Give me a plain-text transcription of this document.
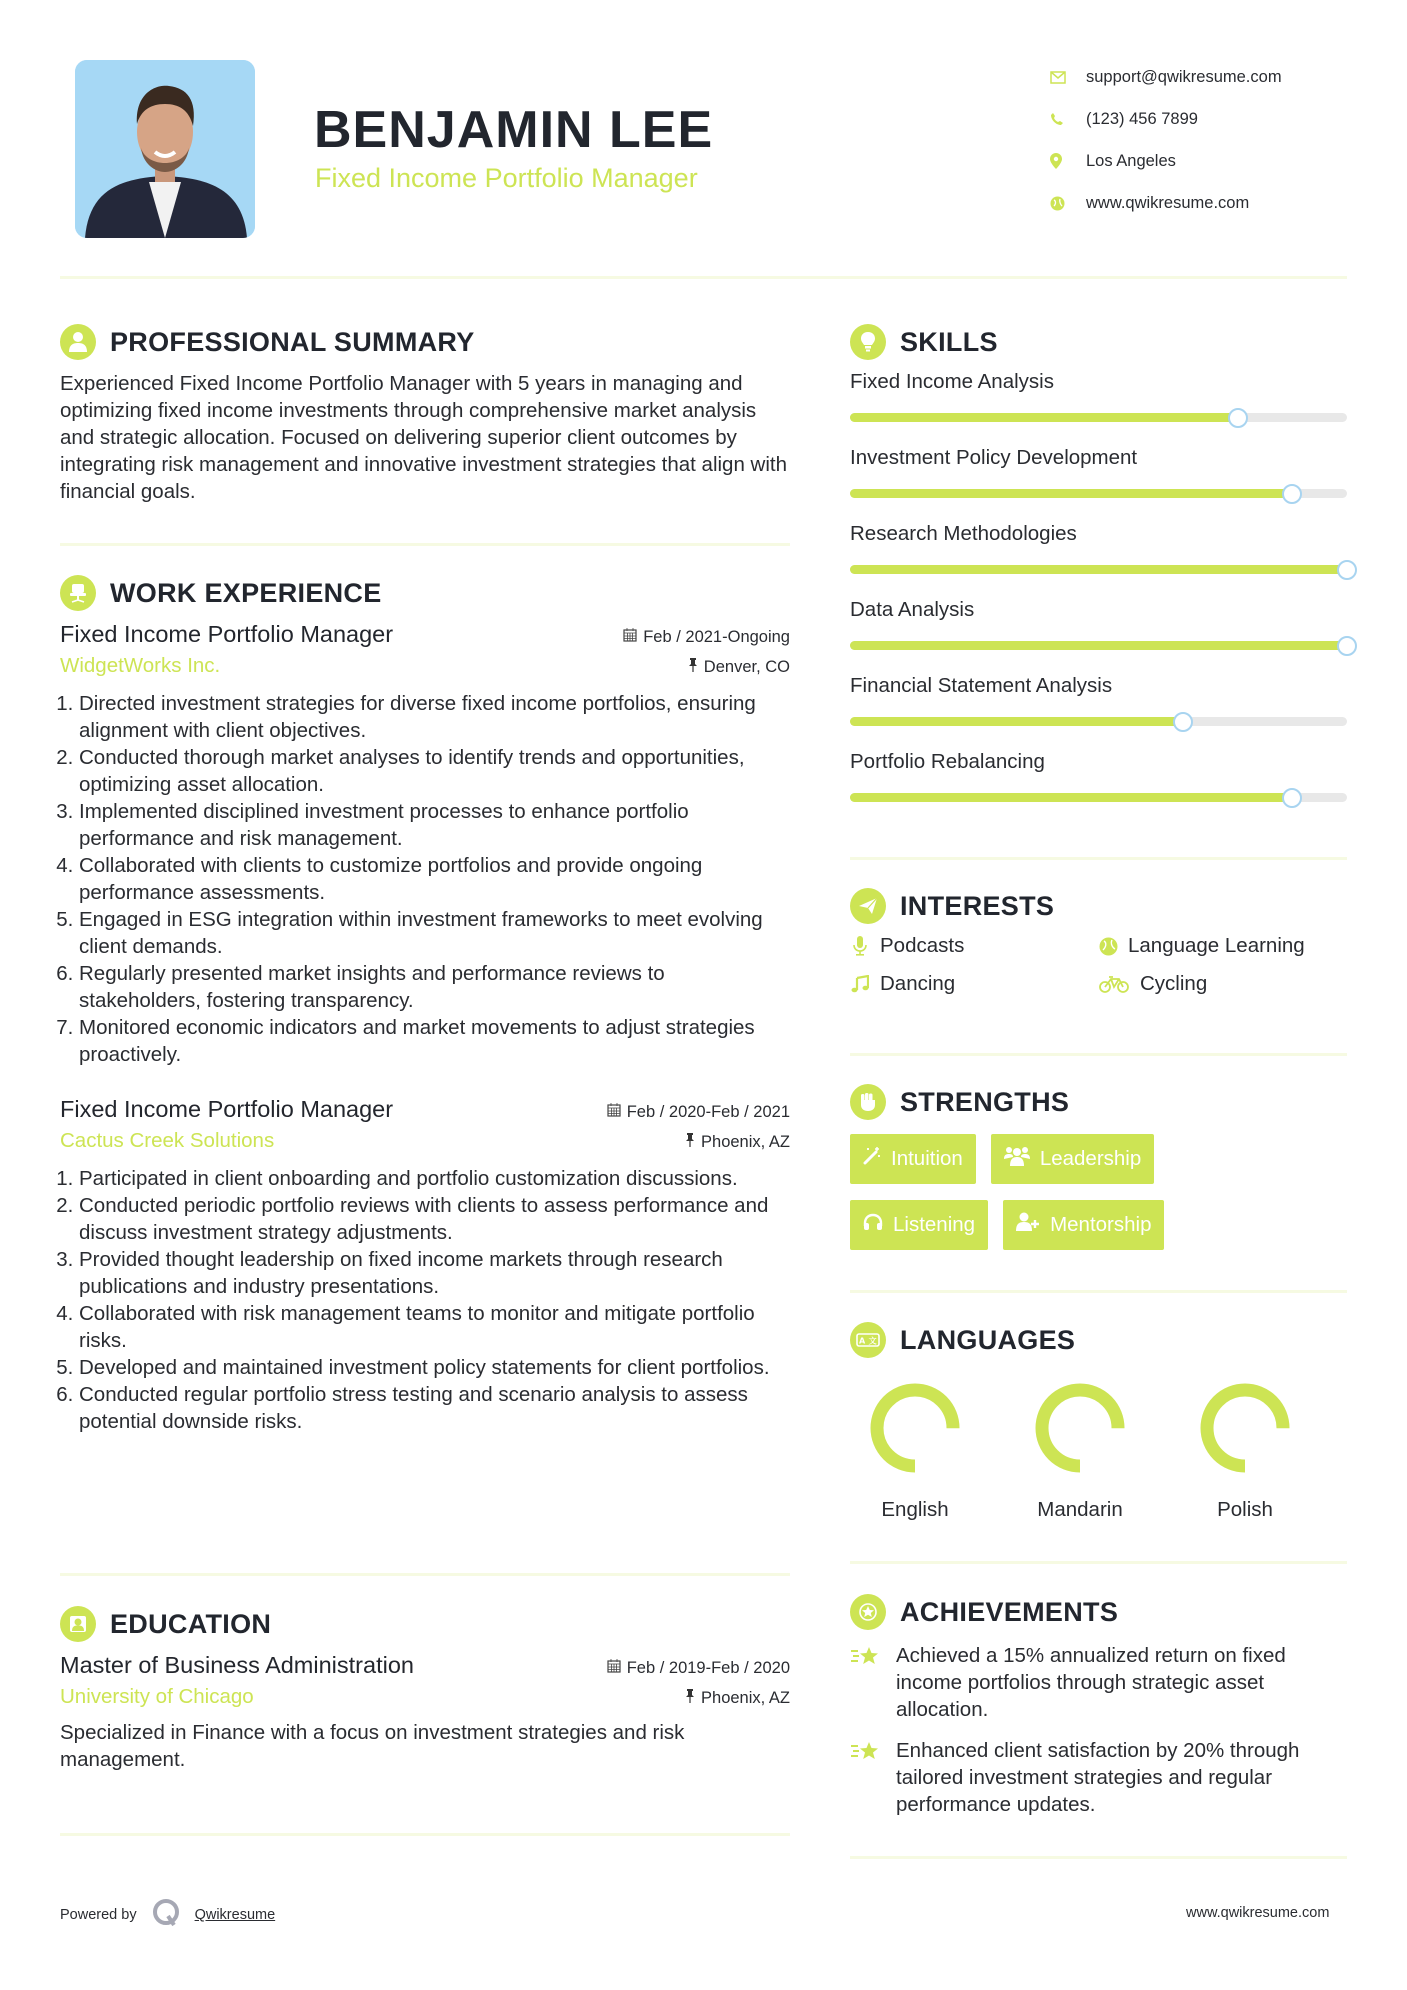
BENJAMIN LEE
Fixed Income Portfolio Manager
support@qwikresume.com
(123) 456 7899
Los Angeles
www.qwikresume.com
PROFESSIONAL SUMMARY

Experienced Fixed Income Portfolio Manager with 5 years in managing and optimizing fixed income investments through comprehensive market analysis and strategic allocation. Focused on delivering superior client outcomes by integrating risk management and innovative investment strategies that align with financial goals.

WORK EXPERIENCE
Fixed Income Portfolio Manager	Feb / 2021-Ongoing
WidgetWorks Inc.	Denver, CO
1. Directed investment strategies for diverse fixed income portfolios, ensuring alignment with client objectives.
2. Conducted thorough market analyses to identify trends and opportunities, optimizing asset allocation.
3. Implemented disciplined investment processes to enhance portfolio performance and risk management.
4. Collaborated with clients to customize portfolios and provide ongoing performance assessments.
5. Engaged in ESG integration within investment frameworks to meet evolving client demands.
6. Regularly presented market insights and performance reviews to stakeholders, fostering transparency.
7. Monitored economic indicators and market movements to adjust strategies proactively.
Fixed Income Portfolio Manager	Feb / 2020-Feb / 2021
Cactus Creek Solutions	Phoenix, AZ
1. Participated in client onboarding and portfolio customization discussions.
2. Conducted periodic portfolio reviews with clients to assess performance and discuss investment strategy adjustments.
3. Provided thought leadership on fixed income markets through research publications and industry presentations.
4. Collaborated with risk management teams to monitor and mitigate portfolio risks.
5. Developed and maintained investment policy statements for client portfolios.
6. Conducted regular portfolio stress testing and scenario analysis to assess potential downside risks.
EDUCATION
Master of Business Administration	Feb / 2019-Feb / 2020
University of Chicago	Phoenix, AZ

Specialized in Finance with a focus on investment strategies and risk management.

SKILLS
Fixed Income Analysis
Investment Policy Development
Research Methodologies
Data Analysis
Financial Statement Analysis
Portfolio Rebalancing
INTERESTS
Podcasts	Language Learning
Dancing	Cycling
STRENGTHS
Intuition	Leadership
Listening	Mentorship
A 文 LANGUAGES
English	Mandarin	Polish
ACHIEVEMENTS
Achieved a 15% annualized return on fixed income portfolios through strategic asset allocation.
Enhanced client satisfaction by 20% through tailored investment strategies and regular performance updates.
Powered by	Qwikresume	www.qwikresume.com
